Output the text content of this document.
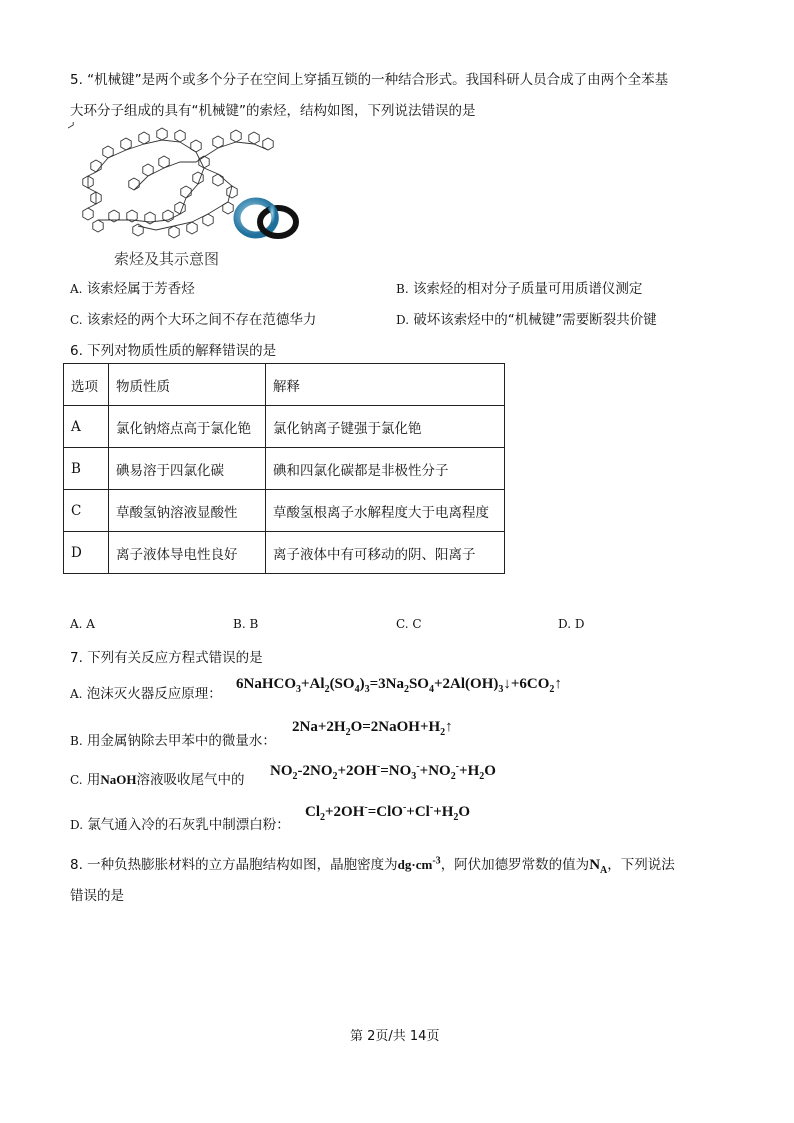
5. “机械键”是两个或多个分子在空间上穿插互锁的一种结合形式。我国科研人员合成了由两个全苯基
大环分子组成的具有“机械键”的索烃，结构如图，下列说法错误的是
索烃及其示意图
A. 该索烃属于芳香烃	B. 该索烃的相对分子质量可用质谱仪测定
C. 该索烃的两个大环之间不存在范德华力	D. 破坏该索烃中的“机械键”需要断裂共价键
6. 下列对物质性质的解释错误的是
选项	物质性质	解释
A	氯化钠熔点高于氯化铯	氯化钠离子键强于氯化铯
B	碘易溶于四氯化碳	碘和四氯化碳都是非极性分子
C	草酸氢钠溶液显酸性	草酸氢根离子水解程度大于电离程度
D	离子液体导电性良好	离子液体中有可移动的阴、阳离子
A. A	B. B	C. C	D. D
7. 下列有关反应方程式错误的是
A. 泡沫灭火器反应原理：
$6NaHCO_3+Al_2(SO_4)_3=3Na_2SO_4+2Al(OH)_3↓+6CO_2↑$
B. 用金属钠除去甲苯中的微量水：
$2Na+2H_2O=2NaOH+H_2↑$
C. 用NaOH溶液吸收尾气中的
$NO_2-2NO_2+2OH^-=NO_3^-+NO_2^-+H_2O$
D. 氯气通入冷的石灰乳中制漂白粉：
$Cl_2+2OH^-=ClO^-+Cl^-+H_2O$
8. 一种负热膨胀材料的立方晶胞结构如图，晶胞密度为$dg\cdot cm^{-3}$，阿伏加德罗常数的值为$N_A$，下列说法
错误的是
第 2页/共 14页
